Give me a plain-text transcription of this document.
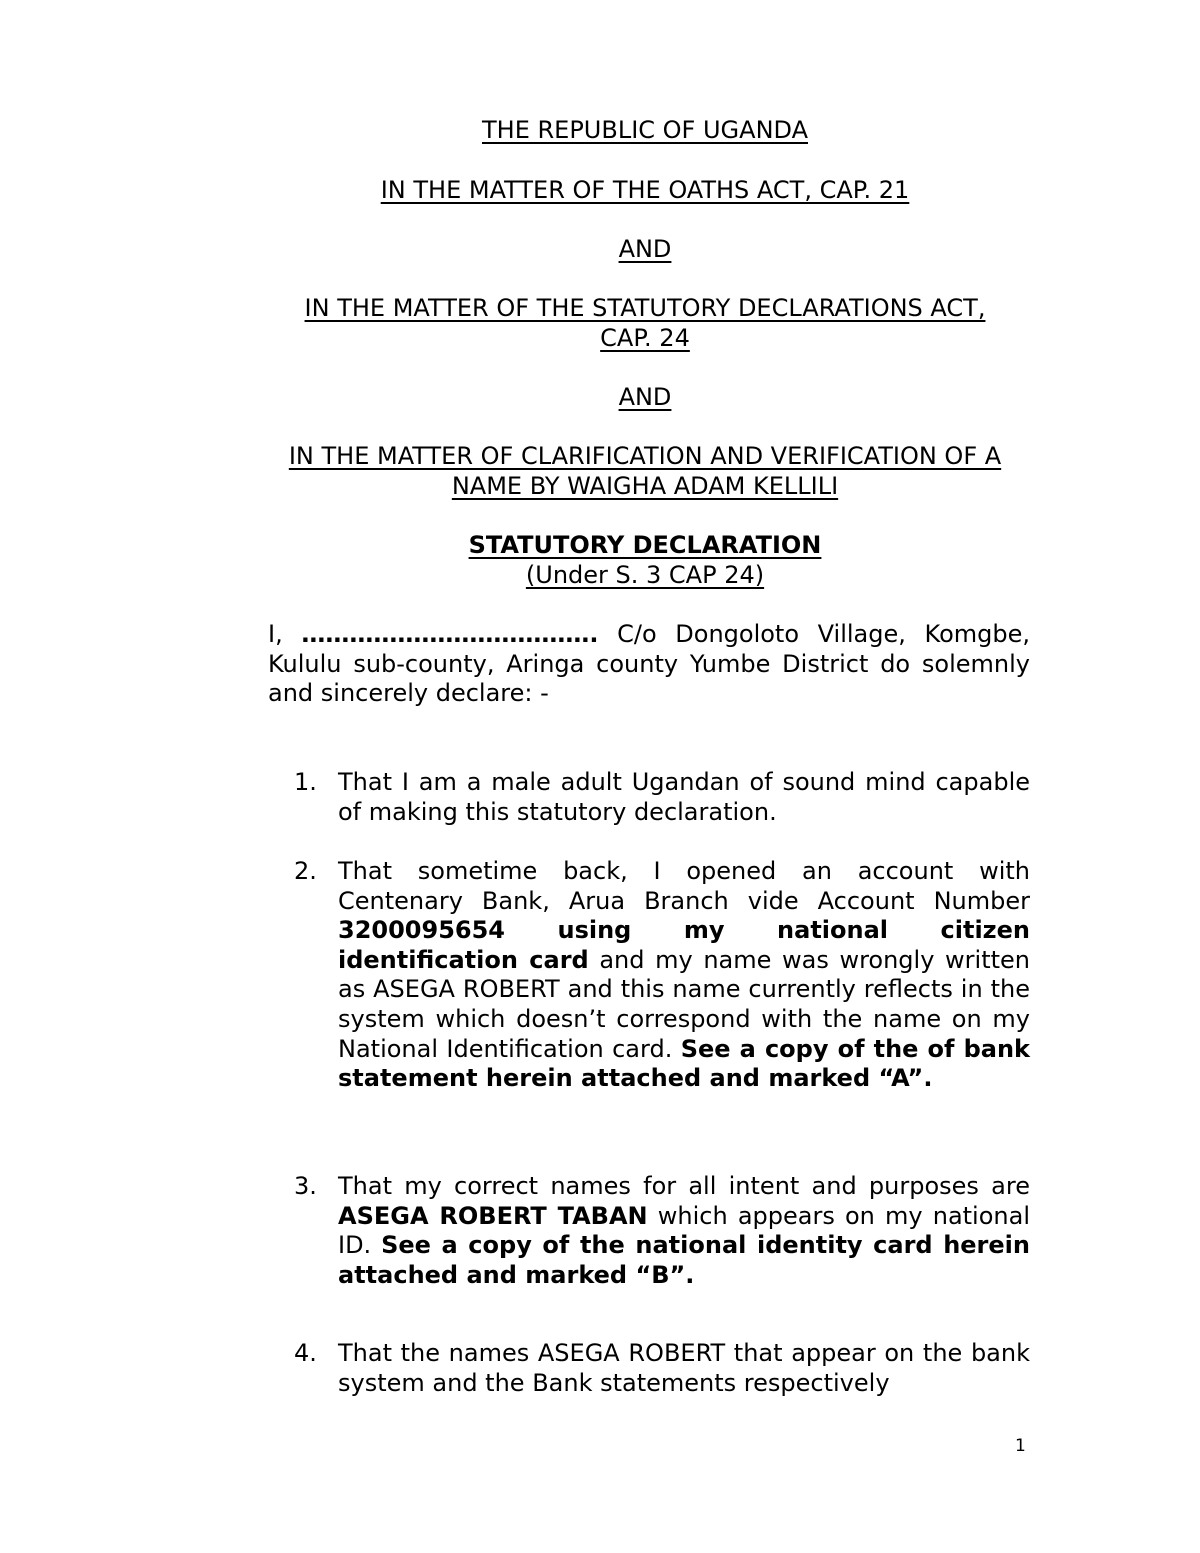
THE REPUBLIC OF UGANDA

IN THE MATTER OF THE OATHS ACT, CAP. 21

AND

IN THE MATTER OF THE STATUTORY DECLARATIONS ACT,

CAP. 24

AND

IN THE MATTER OF CLARIFICATION AND VERIFICATION OF A

NAME BY WAIGHA ADAM KELLILI

STATUTORY DECLARATION

(Under S. 3 CAP 24)

I, ………………………………. C/o Dongoloto Village, Komgbe, Kululu sub-county, Aringa county Yumbe District do solemnly and sincerely declare: -

1. That I am a male adult Ugandan of sound mind capable of making this statutory declaration.

2. That sometime back, I opened an account with Centenary Bank, Arua Branch vide Account Number 3200095654 using my national citizen identification card and my name was wrongly written as ASEGA ROBERT and this name currently reflects in the system which doesn’t correspond with the name on my National Identification card. See a copy of the of bank statement herein attached and marked “A”.

3. That my correct names for all intent and purposes are ASEGA ROBERT TABAN which appears on my national ID. See a copy of the national identity card herein attached and marked “B”.

4. That the names ASEGA ROBERT that appear on the bank system and the Bank statements respectively

1
